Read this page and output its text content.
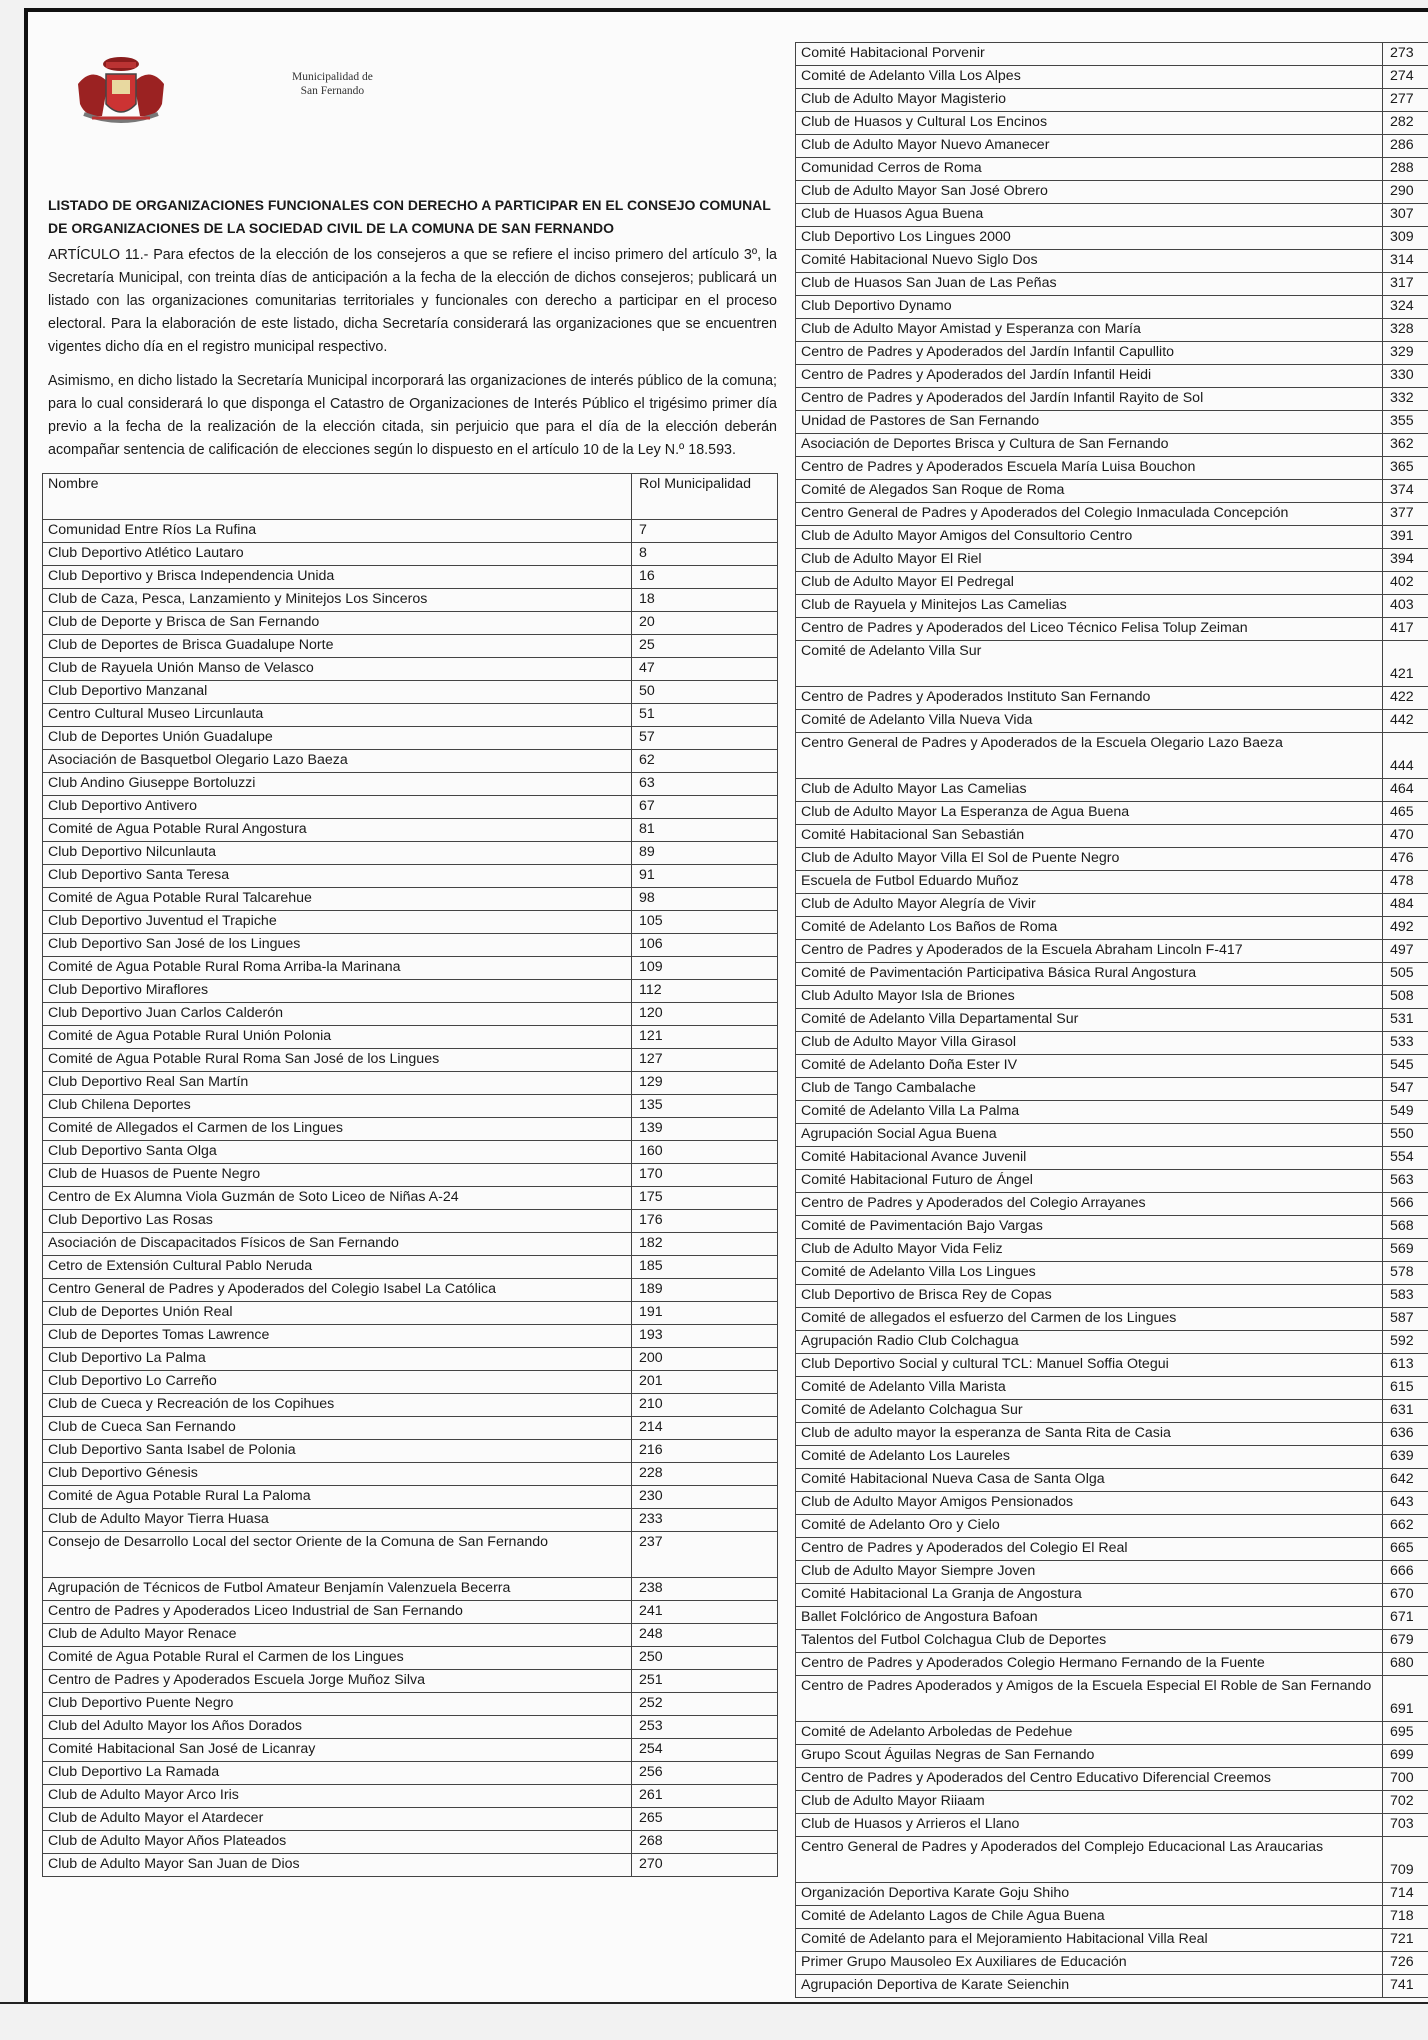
Municipalidad de
San Fernando
LISTADO DE ORGANIZACIONES FUNCIONALES CON DERECHO A PARTICIPAR EN EL CONSEJO COMUNAL DE ORGANIZACIONES DE LA SOCIEDAD CIVIL DE LA COMUNA DE SAN FERNANDO

ARTÍCULO 11.- Para efectos de la elección de los consejeros a que se refiere el inciso primero del artículo 3º, la Secretaría Municipal, con treinta días de anticipación a la fecha de la elección de dichos consejeros; publicará un listado con las organizaciones comunitarias territoriales y funcionales con derecho a participar en el proceso electoral. Para la elaboración de este listado, dicha Secretaría considerará las organizaciones que se encuentren vigentes dicho día en el registro municipal respectivo.

Asimismo, en dicho listado la Secretaría Municipal incorporará las organizaciones de interés público de la comuna; para lo cual considerará lo que disponga el Catastro de Organizaciones de Interés Público el trigésimo primer día previo a la fecha de la realización de la elección citada, sin perjuicio que para el día de la elección deberán acompañar sentencia de calificación de elecciones según lo dispuesto en el artículo 10 de la Ley N.º 18.593.

Nombre	Rol Municipalidad
Comunidad Entre Ríos La Rufina	7
Club Deportivo Atlético Lautaro	8
Club Deportivo y Brisca Independencia Unida	16
Club de Caza, Pesca, Lanzamiento y Minitejos Los Sinceros	18
Club de Deporte y Brisca de San Fernando	20
Club de Deportes de Brisca Guadalupe Norte	25
Club de Rayuela Unión Manso de Velasco	47
Club Deportivo Manzanal	50
Centro Cultural Museo Lircunlauta	51
Club de Deportes Unión Guadalupe	57
Asociación de Basquetbol Olegario Lazo Baeza	62
Club Andino Giuseppe Bortoluzzi	63
Club Deportivo Antivero	67
Comité de Agua Potable Rural Angostura	81
Club Deportivo Nilcunlauta	89
Club Deportivo Santa Teresa	91
Comité de Agua Potable Rural Talcarehue	98
Club Deportivo Juventud el Trapiche	105
Club Deportivo San José de los Lingues	106
Comité de Agua Potable Rural Roma Arriba-la Marinana	109
Club Deportivo Miraflores	112
Club Deportivo Juan Carlos Calderón	120
Comité de Agua Potable Rural Unión Polonia	121
Comité de Agua Potable Rural Roma San José de los Lingues	127
Club Deportivo Real San Martín	129
Club Chilena Deportes	135
Comité de Allegados el Carmen de los Lingues	139
Club Deportivo Santa Olga	160
Club de Huasos de Puente Negro	170
Centro de Ex Alumna Viola Guzmán de Soto Liceo de Niñas A-24	175
Club Deportivo Las Rosas	176
Asociación de Discapacitados Físicos de San Fernando	182
Cetro de Extensión Cultural Pablo Neruda	185
Centro General de Padres y Apoderados del Colegio Isabel La Católica	189
Club de Deportes Unión Real	191
Club de Deportes Tomas Lawrence	193
Club Deportivo La Palma	200
Club Deportivo Lo Carreño	201
Club de Cueca y Recreación de los Copihues	210
Club de Cueca San Fernando	214
Club Deportivo Santa Isabel de Polonia	216
Club Deportivo Génesis	228
Comité de Agua Potable Rural La Paloma	230
Club de Adulto Mayor Tierra Huasa	233
Consejo de Desarrollo Local del sector Oriente de la Comuna de San Fernando	237
Agrupación de Técnicos de Futbol Amateur Benjamín Valenzuela Becerra	238
Centro de Padres y Apoderados Liceo Industrial de San Fernando	241
Club de Adulto Mayor Renace	248
Comité de Agua Potable Rural el Carmen de los Lingues	250
Centro de Padres y Apoderados Escuela Jorge Muñoz Silva	251
Club Deportivo Puente Negro	252
Club del Adulto Mayor los Años Dorados	253
Comité Habitacional San José de Licanray	254
Club Deportivo La Ramada	256
Club de Adulto Mayor Arco Iris	261
Club de Adulto Mayor el Atardecer	265
Club de Adulto Mayor Años Plateados	268
Club de Adulto Mayor San Juan de Dios	270
Comité Habitacional Porvenir	273
Comité de Adelanto Villa Los Alpes	274
Club de Adulto Mayor Magisterio	277
Club de Huasos y Cultural Los Encinos	282
Club de Adulto Mayor Nuevo Amanecer	286
Comunidad Cerros de Roma	288
Club de Adulto Mayor San José Obrero	290
Club de Huasos Agua Buena	307
Club Deportivo Los Lingues 2000	309
Comité Habitacional Nuevo Siglo Dos	314
Club de Huasos San Juan de Las Peñas	317
Club Deportivo Dynamo	324
Club de Adulto Mayor Amistad y Esperanza con María	328
Centro de Padres y Apoderados del Jardín Infantil Capullito	329
Centro de Padres y Apoderados del Jardín Infantil Heidi	330
Centro de Padres y Apoderados del Jardín Infantil Rayito de Sol	332
Unidad de Pastores de San Fernando	355
Asociación de Deportes Brisca y Cultura de San Fernando	362
Centro de Padres y Apoderados Escuela María Luisa Bouchon	365
Comité de Alegados San Roque de Roma	374
Centro General de Padres y Apoderados del Colegio Inmaculada Concepción	377
Club de Adulto Mayor Amigos del Consultorio Centro	391
Club de Adulto Mayor El Riel	394
Club de Adulto Mayor El Pedregal	402
Club de Rayuela y Minitejos Las Camelias	403
Centro de Padres y Apoderados del Liceo Técnico Felisa Tolup Zeiman	417
Comité de Adelanto Villa Sur	421
Centro de Padres y Apoderados Instituto San Fernando	422
Comité de Adelanto Villa Nueva Vida	442
Centro General de Padres y Apoderados de la Escuela Olegario Lazo Baeza	444
Club de Adulto Mayor Las Camelias	464
Club de Adulto Mayor La Esperanza de Agua Buena	465
Comité Habitacional San Sebastián	470
Club de Adulto Mayor Villa El Sol de Puente Negro	476
Escuela de Futbol Eduardo Muñoz	478
Club de Adulto Mayor Alegría de Vivir	484
Comité de Adelanto Los Baños de Roma	492
Centro de Padres y Apoderados de la Escuela Abraham Lincoln F-417	497
Comité de Pavimentación Participativa Básica Rural Angostura	505
Club Adulto Mayor Isla de Briones	508
Comité de Adelanto Villa Departamental Sur	531
Club de Adulto Mayor Villa Girasol	533
Comité de Adelanto Doña Ester IV	545
Club de Tango Cambalache	547
Comité de Adelanto Villa La Palma	549
Agrupación Social Agua Buena	550
Comité Habitacional Avance Juvenil	554
Comité Habitacional Futuro de Ángel	563
Centro de Padres y Apoderados del Colegio Arrayanes	566
Comité de Pavimentación Bajo Vargas	568
Club de Adulto Mayor Vida Feliz	569
Comité de Adelanto Villa Los Lingues	578
Club Deportivo de Brisca Rey de Copas	583
Comité de allegados el esfuerzo del Carmen de los Lingues	587
Agrupación Radio Club Colchagua	592
Club Deportivo Social y cultural TCL: Manuel Soffia Otegui	613
Comité de Adelanto Villa Marista	615
Comité de Adelanto Colchagua Sur	631
Club de adulto mayor la esperanza de Santa Rita de Casia	636
Comité de Adelanto Los Laureles	639
Comité Habitacional Nueva Casa de Santa Olga	642
Club de Adulto Mayor Amigos Pensionados	643
Comité de Adelanto Oro y Cielo	662
Centro de Padres y Apoderados del Colegio El Real	665
Club de Adulto Mayor Siempre Joven	666
Comité Habitacional La Granja de Angostura	670
Ballet Folclórico de Angostura Bafoan	671
Talentos del Futbol Colchagua Club de Deportes	679
Centro de Padres y Apoderados Colegio Hermano Fernando de la Fuente	680
Centro de Padres Apoderados y Amigos de la Escuela Especial El Roble de San Fernando	691
Comité de Adelanto Arboledas de Pedehue	695
Grupo Scout Águilas Negras de San Fernando	699
Centro de Padres y Apoderados del Centro Educativo Diferencial Creemos	700
Club de Adulto Mayor Riiaam	702
Club de Huasos y Arrieros el Llano	703
Centro General de Padres y Apoderados del Complejo Educacional Las Araucarias	709
Organización Deportiva Karate Goju Shiho	714
Comité de Adelanto Lagos de Chile Agua Buena	718
Comité de Adelanto para el Mejoramiento Habitacional Villa Real	721
Primer Grupo Mausoleo Ex Auxiliares de Educación	726
Agrupación Deportiva de Karate Seienchin	741
